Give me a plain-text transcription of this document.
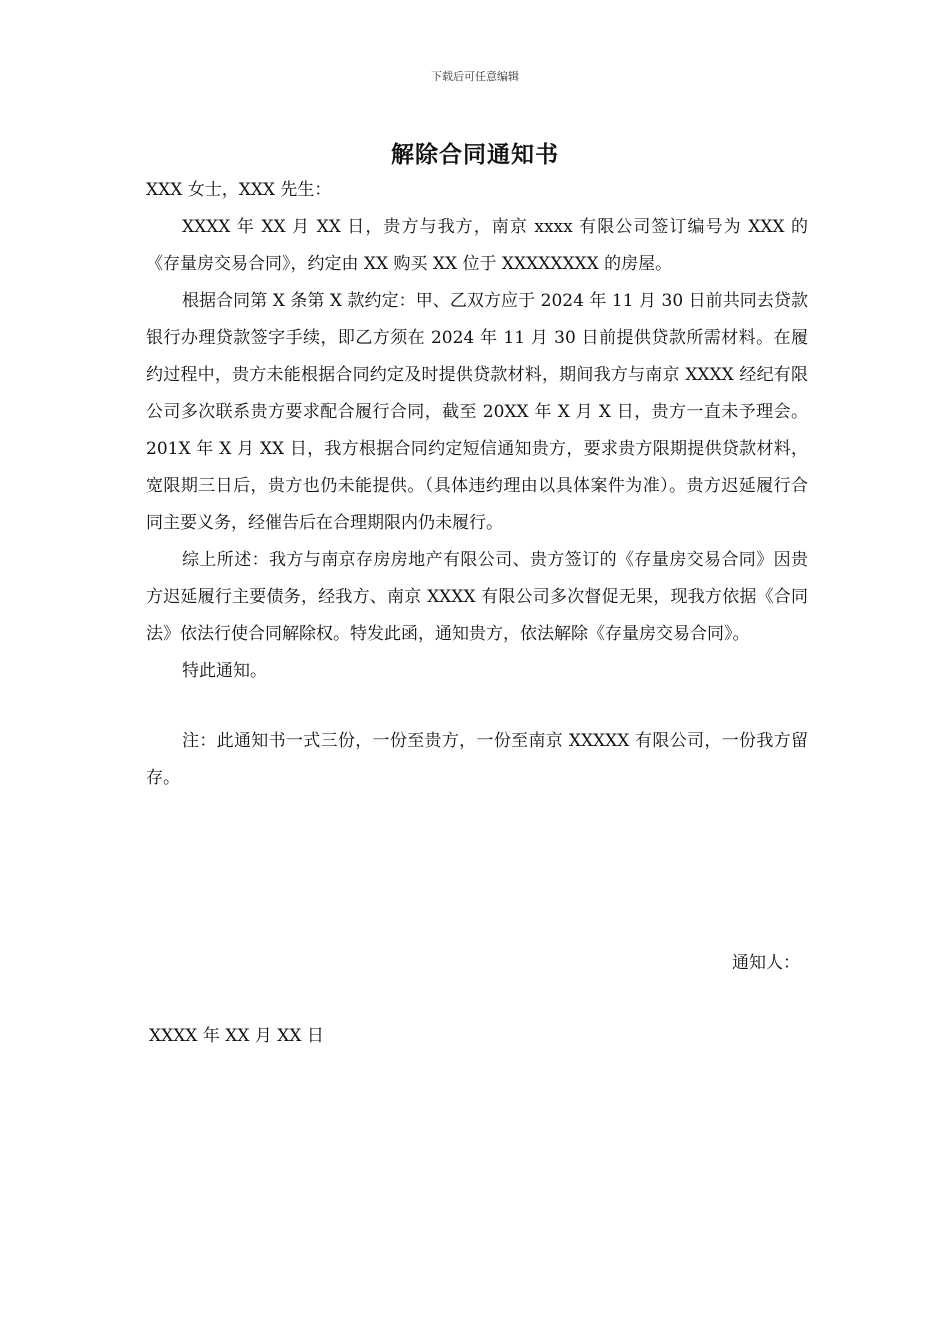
下载后可任意编辑
解除合同通知书

XXX 女士，XXX 先生：

XXXX 年 XX 月 XX 日，贵方与我方，南京 xxxx 有限公司签订编号为 XXX 的《存量房交易合同》，约定由 XX 购买 XX 位于 XXXXXXXX 的房屋。

根据合同第 X 条第 X 款约定：甲、乙双方应于 2024 年 11 月 30 日前共同去贷款银行办理贷款签字手续，即乙方须在 2024 年 11 月 30 日前提供贷款所需材料。在履约过程中，贵方未能根据合同约定及时提供贷款材料，期间我方与南京 XXXX 经纪有限公司多次联系贵方要求配合履行合同，截至 20XX 年 X 月 X 日，贵方一直未予理会。201X 年 X 月 XX 日，我方根据合同约定短信通知贵方，要求贵方限期提供贷款材料，宽限期三日后，贵方也仍未能提供。（具体违约理由以具体案件为准）。贵方迟延履行合同主要义务，经催告后在合理期限内仍未履行。

综上所述：我方与南京存房房地产有限公司、贵方签订的《存量房交易合同》因贵方迟延履行主要债务，经我方、南京 XXXX 有限公司多次督促无果，现我方依据《合同法》依法行使合同解除权。特发此函，通知贵方，依法解除《存量房交易合同》。

特此通知。

注：此通知书一式三份，一份至贵方，一份至南京 XXXXX 有限公司，一份我方留存。

通知人：
XXXX 年 XX 月 XX 日
